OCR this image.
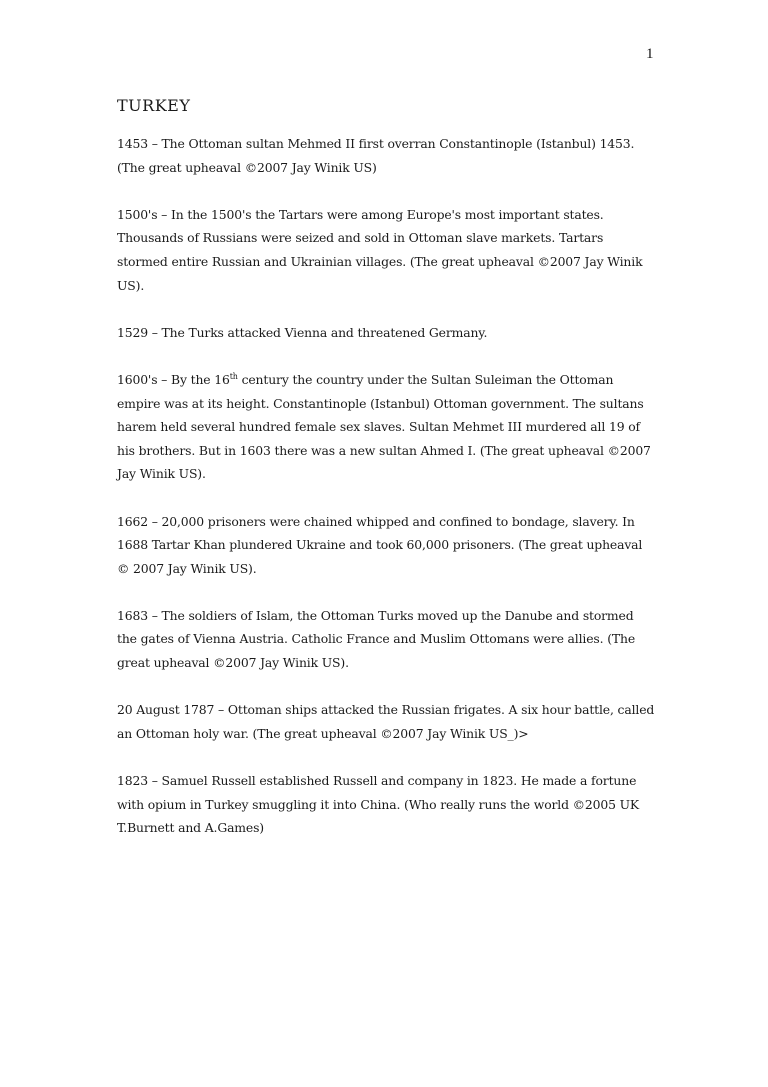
1
TURKEY

1453 – The Ottoman sultan Mehmed II first overran Constantinople (Istanbul) 1453. (The great upheaval ©2007 Jay Winik US)

1500's – In the 1500's the Tartars were among Europe's most important states. Thousands of Russians were seized and sold in Ottoman slave markets. Tartars stormed entire Russian and Ukrainian villages. (The great upheaval ©2007 Jay Winik US).

1529 – The Turks attacked Vienna and threatened Germany.

1600's – By the 16th century the country under the Sultan Suleiman the Ottoman empire was at its height. Constantinople (Istanbul) Ottoman government. The sultans harem held several hundred female sex slaves. Sultan Mehmet III murdered all 19 of his brothers. But in 1603 there was a new sultan Ahmed I. (The great upheaval ©2007 Jay Winik US).

1662 – 20,000 prisoners were chained whipped and confined to bondage, slavery. In 1688 Tartar Khan plundered Ukraine and took 60,000 prisoners. (The great upheaval © 2007 Jay Winik US).

1683 – The soldiers of Islam, the Ottoman Turks moved up the Danube and stormed the gates of Vienna Austria. Catholic France and Muslim Ottomans were allies. (The great upheaval ©2007 Jay Winik US).

20 August 1787 – Ottoman ships attacked the Russian frigates. A six hour battle, called an Ottoman holy war. (The great upheaval ©2007 Jay Winik US_)>

1823 – Samuel Russell established Russell and company in 1823. He made a fortune with opium in Turkey smuggling it into China. (Who really runs the world ©2005 UK T.Burnett and A.Games)
